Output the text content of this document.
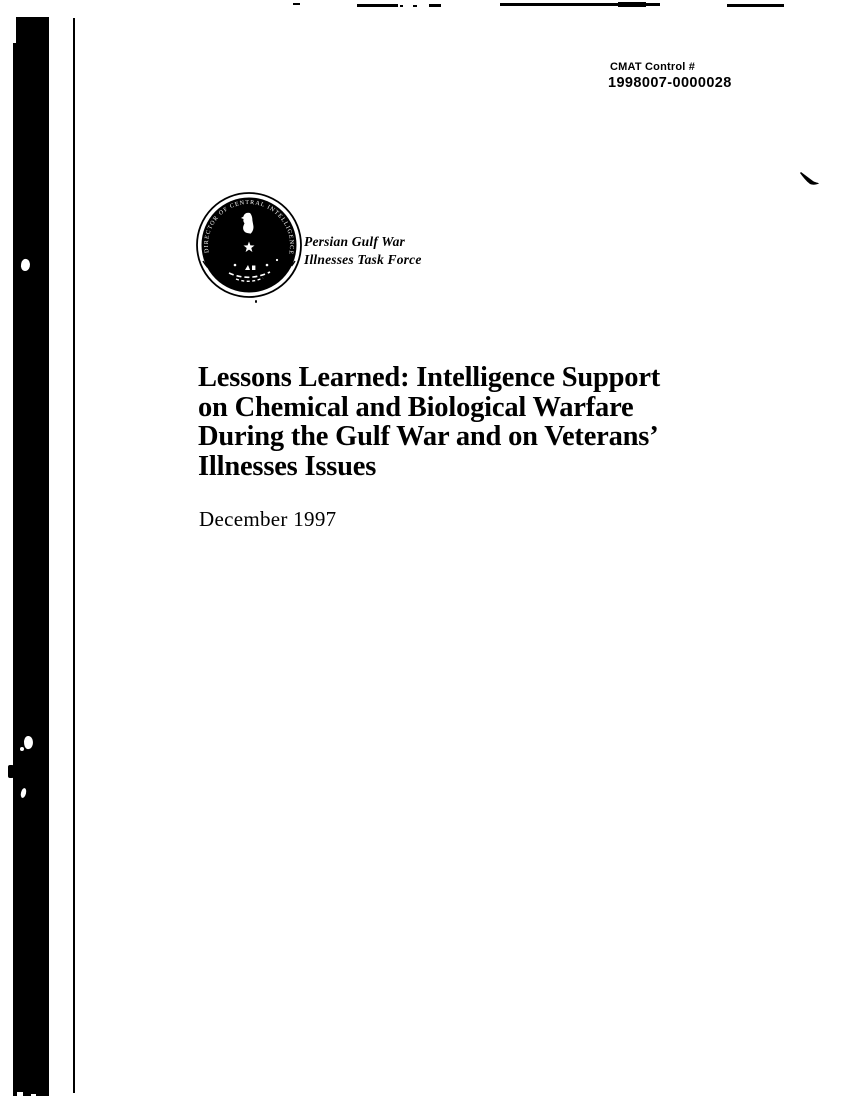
CMAT Control #
1998007-0000028
DIRECTOR OF CENTRAL INTELLIGENCE
Persian Gulf War
Illnesses Task Force
Lessons Learned: Intelligence Support
on Chemical and Biological Warfare
During the Gulf War and on Veterans’
Illnesses Issues
December 1997
